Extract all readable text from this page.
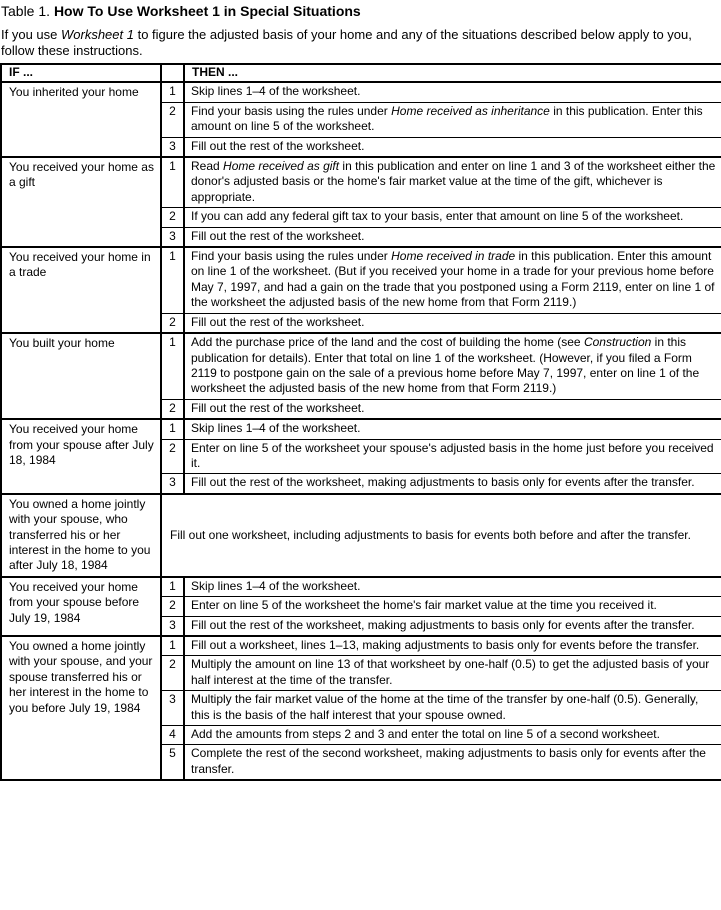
Table 1. How To Use Worksheet 1 in Special Situations
If you use Worksheet 1 to figure the adjusted basis of your home and any of the situations described below apply to you, follow these instructions.
IF ...		THEN ...
You inherited your home	1	Skip lines 1–4 of the worksheet.
	2	Find your basis using the rules under Home received as inheritance in this publication. Enter this amount on line 5 of the worksheet.
	3	Fill out the rest of the worksheet.
You received your home as a gift	1	Read Home received as gift in this publication and enter on line 1 and 3 of the worksheet either the donor's adjusted basis or the home's fair market value at the time of the gift, whichever is appropriate.
	2	If you can add any federal gift tax to your basis, enter that amount on line 5 of the worksheet.
	3	Fill out the rest of the worksheet.
You received your home in a trade	1	Find your basis using the rules under Home received in trade in this publication. Enter this amount on line 1 of the worksheet. (But if you received your home in a trade for your previous home before May 7, 1997, and had a gain on the trade that you postponed using a Form 2119, enter on line 1 of the worksheet the adjusted basis of the new home from that Form 2119.)
	2	Fill out the rest of the worksheet.
You built your home	1	Add the purchase price of the land and the cost of building the home (see Construction in this publication for details). Enter that total on line 1 of the worksheet. (However, if you filed a Form 2119 to postpone gain on the sale of a previous home before May 7, 1997, enter on line 1 of the worksheet the adjusted basis of the new home from that Form 2119.)
	2	Fill out the rest of the worksheet.
You received your home from your spouse after July 18, 1984	1	Skip lines 1–4 of the worksheet.
	2	Enter on line 5 of the worksheet your spouse's adjusted basis in the home just before you received it.
	3	Fill out the rest of the worksheet, making adjustments to basis only for events after the transfer.
You owned a home jointly with your spouse, who transferred his or her interest in the home to you after July 18, 1984	Fill out one worksheet, including adjustments to basis for events both before and after the transfer.	
You received your home from your spouse before July 19, 1984	1	Skip lines 1–4 of the worksheet.
	2	Enter on line 5 of the worksheet the home's fair market value at the time you received it.
	3	Fill out the rest of the worksheet, making adjustments to basis only for events after the transfer.
You owned a home jointly with your spouse, and your spouse transferred his or her interest in the home to you before July 19, 1984	1	Fill out a worksheet, lines 1–13, making adjustments to basis only for events before the transfer.
	2	Multiply the amount on line 13 of that worksheet by one-half (0.5) to get the adjusted basis of your half interest at the time of the transfer.
	3	Multiply the fair market value of the home at the time of the transfer by one-half (0.5). Generally, this is the basis of the half interest that your spouse owned.
	4	Add the amounts from steps 2 and 3 and enter the total on line 5 of a second worksheet.
	5	Complete the rest of the second worksheet, making adjustments to basis only for events after the transfer.
